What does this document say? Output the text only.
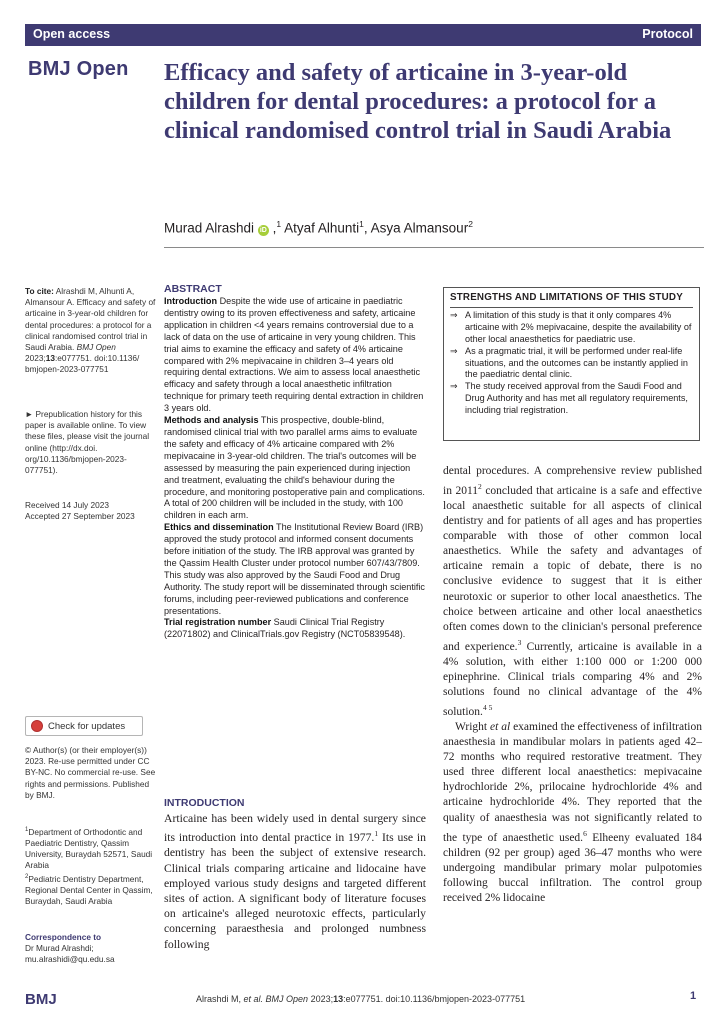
Open access	Protocol
BMJ Open Efficacy and safety of articaine in 3-year-old children for dental procedures: a protocol for a clinical randomised control trial in Saudi Arabia
Murad Alrashdi iD ,$^1$ Atyaf Alhunti$^1$, Asya Almansour$^2$

To cite: Alrashdi M, Alhunti A, Almansour A. Efficacy and safety of articaine in 3-year-old children for dental procedures: a protocol for a clinical randomised control trial in Saudi Arabia. BMJ Open 2023;13:e077751. doi:10.1136/ bmjopen-2023-077751

► Prepublication history for this paper is available online. To view these files, please visit the journal online (http://dx.doi. org/10.1136/bmjopen-2023- 077751).

Received 14 July 2023

Accepted 27 September 2023

Check for updates

© Author(s) (or their employer(s)) 2023. Re-use permitted under CC BY-NC. No commercial re-use. See rights and permissions. Published by BMJ.

$^1$Department of Orthodontic and Paediatric Dentistry, Qassim University, Buraydah 52571, Saudi Arabia

$^2$Pediatric Dentistry Department, Regional Dental Center in Qassim, Buraydah, Saudi Arabia

Correspondence to

Dr Murad Alrashdi; mu.alrashidi@qu.edu.sa

ABSTRACT

Introduction Despite the wide use of articaine in paediatric dentistry owing to its proven effectiveness and safety, articaine application in children <4 years remains controversial due to a lack of data on the use of articaine in very young children. This trial aims to examine the efficacy and safety of 4% articaine compared with 2% mepivacaine in children 3–4 years old requiring dental extractions. We aim to assess local anaesthetic efficacy and safety through a local anaesthetic infiltration technique for primary teeth requiring dental extraction in children 3 years old.

Methods and analysis This prospective, double-blind, randomised clinical trial with two parallel arms aims to evaluate the safety and efficacy of 4% articaine compared with 2% mepivacaine in 3-year-old children. The trial's outcomes will be assessed by measuring the pain experienced during injection and treatment, evaluating the child's behaviour during the procedure, and monitoring postoperative pain and complications. A total of 200 children will be included in the study, with 100 children in each arm.

Ethics and dissemination The Institutional Review Board (IRB) approved the study protocol and informed consent documents before initiation of the study. The IRB approval was granted by the Qassim Health Cluster under protocol number 607/43/7809. This study was also approved by the Saudi Food and Drug Authority. The study report will be disseminated through scientific forums, including peer-reviewed publications and conference presentations.

Trial registration number Saudi Clinical Trial Registry (22071802) and ClinicalTrials.gov Registry (NCT05839548).

STRENGTHS AND LIMITATIONS OF THIS STUDY
⇒ A limitation of this study is that it only compares 4% articaine with 2% mepivacaine, despite the availability of other local anaesthetics for paediatric use.
⇒ As a pragmatic trial, it will be performed under real-life situations, and the outcomes can be instantly applied in the paediatric dental clinic.
⇒ The study received approval from the Saudi Food and Drug Authority and has met all regulatory requirements, including trial registration.
INTRODUCTION

Articaine has been widely used in dental surgery since its introduction into dental practice in 1977.$^1$ Its use in dentistry has been the subject of extensive research. Clinical trials comparing articaine and lidocaine have employed various study designs and targeted different sites of action. A significant body of literature focuses on articaine's alleged neurotoxic effects, particularly concerning paraesthesia and prolonged numbness following

dental procedures. A comprehensive review published in 2011$^2$ concluded that articaine is a safe and effective local anaesthetic suitable for all aspects of clinical dentistry and for patients of all ages and has properties comparable with those of other common local anaesthetics. While the safety and advantages of articaine remain a topic of debate, there is no conclusive evidence to suggest that it is either neurotoxic or superior to other local anaesthetics. The choice between articaine and other local anaesthetics often comes down to the clinician's personal preference and experience.$^3$ Currently, articaine is available in a 4% solution, with either 1:100 000 or 1:200 000 epinephrine. Clinical trials comparing 4% and 2% solutions found no clinical advantage of the 4% solution.$^{4 5}$

Wright et al examined the effectiveness of infiltration anaesthesia in mandibular molars in patients aged 42–72 months who required restorative treatment. They used three different local anaesthetics: mepivacaine hydrochloride 2%, prilocaine hydrochloride 4% and articaine hydrochloride 4%. They reported that the quality of anaesthesia was not significantly related to the type of anaesthetic used.$^6$ Elheeny evaluated 184 children (92 per group) aged 36–47 months who were undergoing mandibular primary molar pulpotomies following buccal infiltration. The control group received 2% lidocaine

BMJ	Alrashdi M, et al. BMJ Open 2023;13:e077751. doi:10.1136/bmjopen-2023-077751	1
